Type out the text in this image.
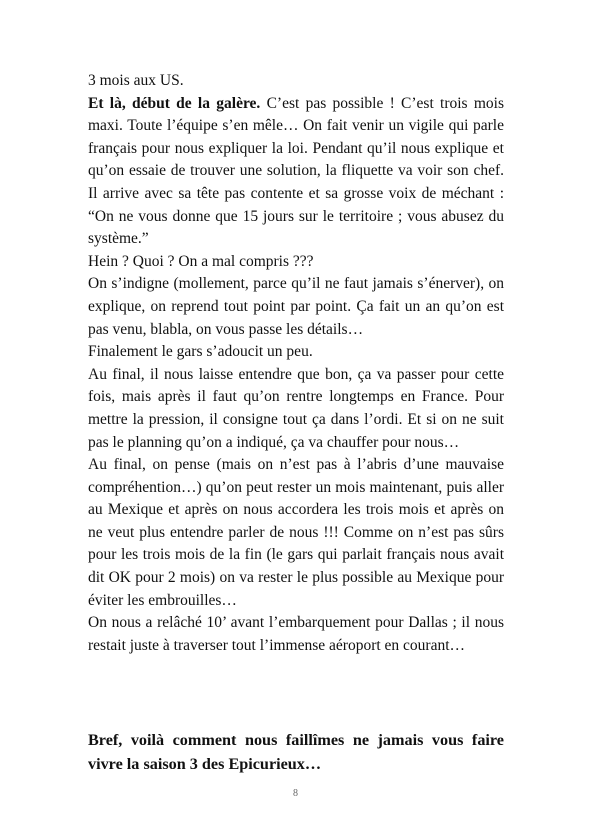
3 mois aux US.

Et là, début de la galère. C’est pas possible ! C’est trois mois maxi. Toute l’équipe s’en mêle… On fait venir un vigile qui parle français pour nous expliquer la loi. Pendant qu’il nous explique et qu’on essaie de trouver une solution, la fliquette va voir son chef. Il arrive avec sa tête pas contente et sa grosse voix de méchant : “On ne vous donne que 15 jours sur le territoire ; vous abusez du système.”

Hein ? Quoi ? On a mal compris ???

On s’indigne (mollement, parce qu’il ne faut jamais s’énerver), on explique, on reprend tout point par point. Ça fait un an qu’on est pas venu, blabla, on vous passe les détails…

Finalement le gars s’adoucit un peu.

Au final, il nous laisse entendre que bon, ça va passer pour cette fois, mais après il faut qu’on rentre longtemps en France. Pour mettre la pression, il consigne tout ça dans l’ordi. Et si on ne suit pas le planning qu’on a indiqué, ça va chauffer pour nous…

Au final, on pense (mais on n’est pas à l’abris d’une mauvaise compréhention…) qu’on peut rester un mois maintenant, puis aller au Mexique et après on nous accordera les trois mois et après on ne veut plus entendre parler de nous !!! Comme on n’est pas sûrs pour les trois mois de la fin (le gars qui parlait français nous avait dit OK pour 2 mois) on va rester le plus possible au Mexique pour éviter les embrouilles…

On nous a relâché 10’ avant l’embarquement pour Dallas ; il nous restait juste à traverser tout l’immense aéroport en courant…

Bref, voilà comment nous faillîmes ne jamais vous faire vivre la saison 3 des Epicurieux…
8
